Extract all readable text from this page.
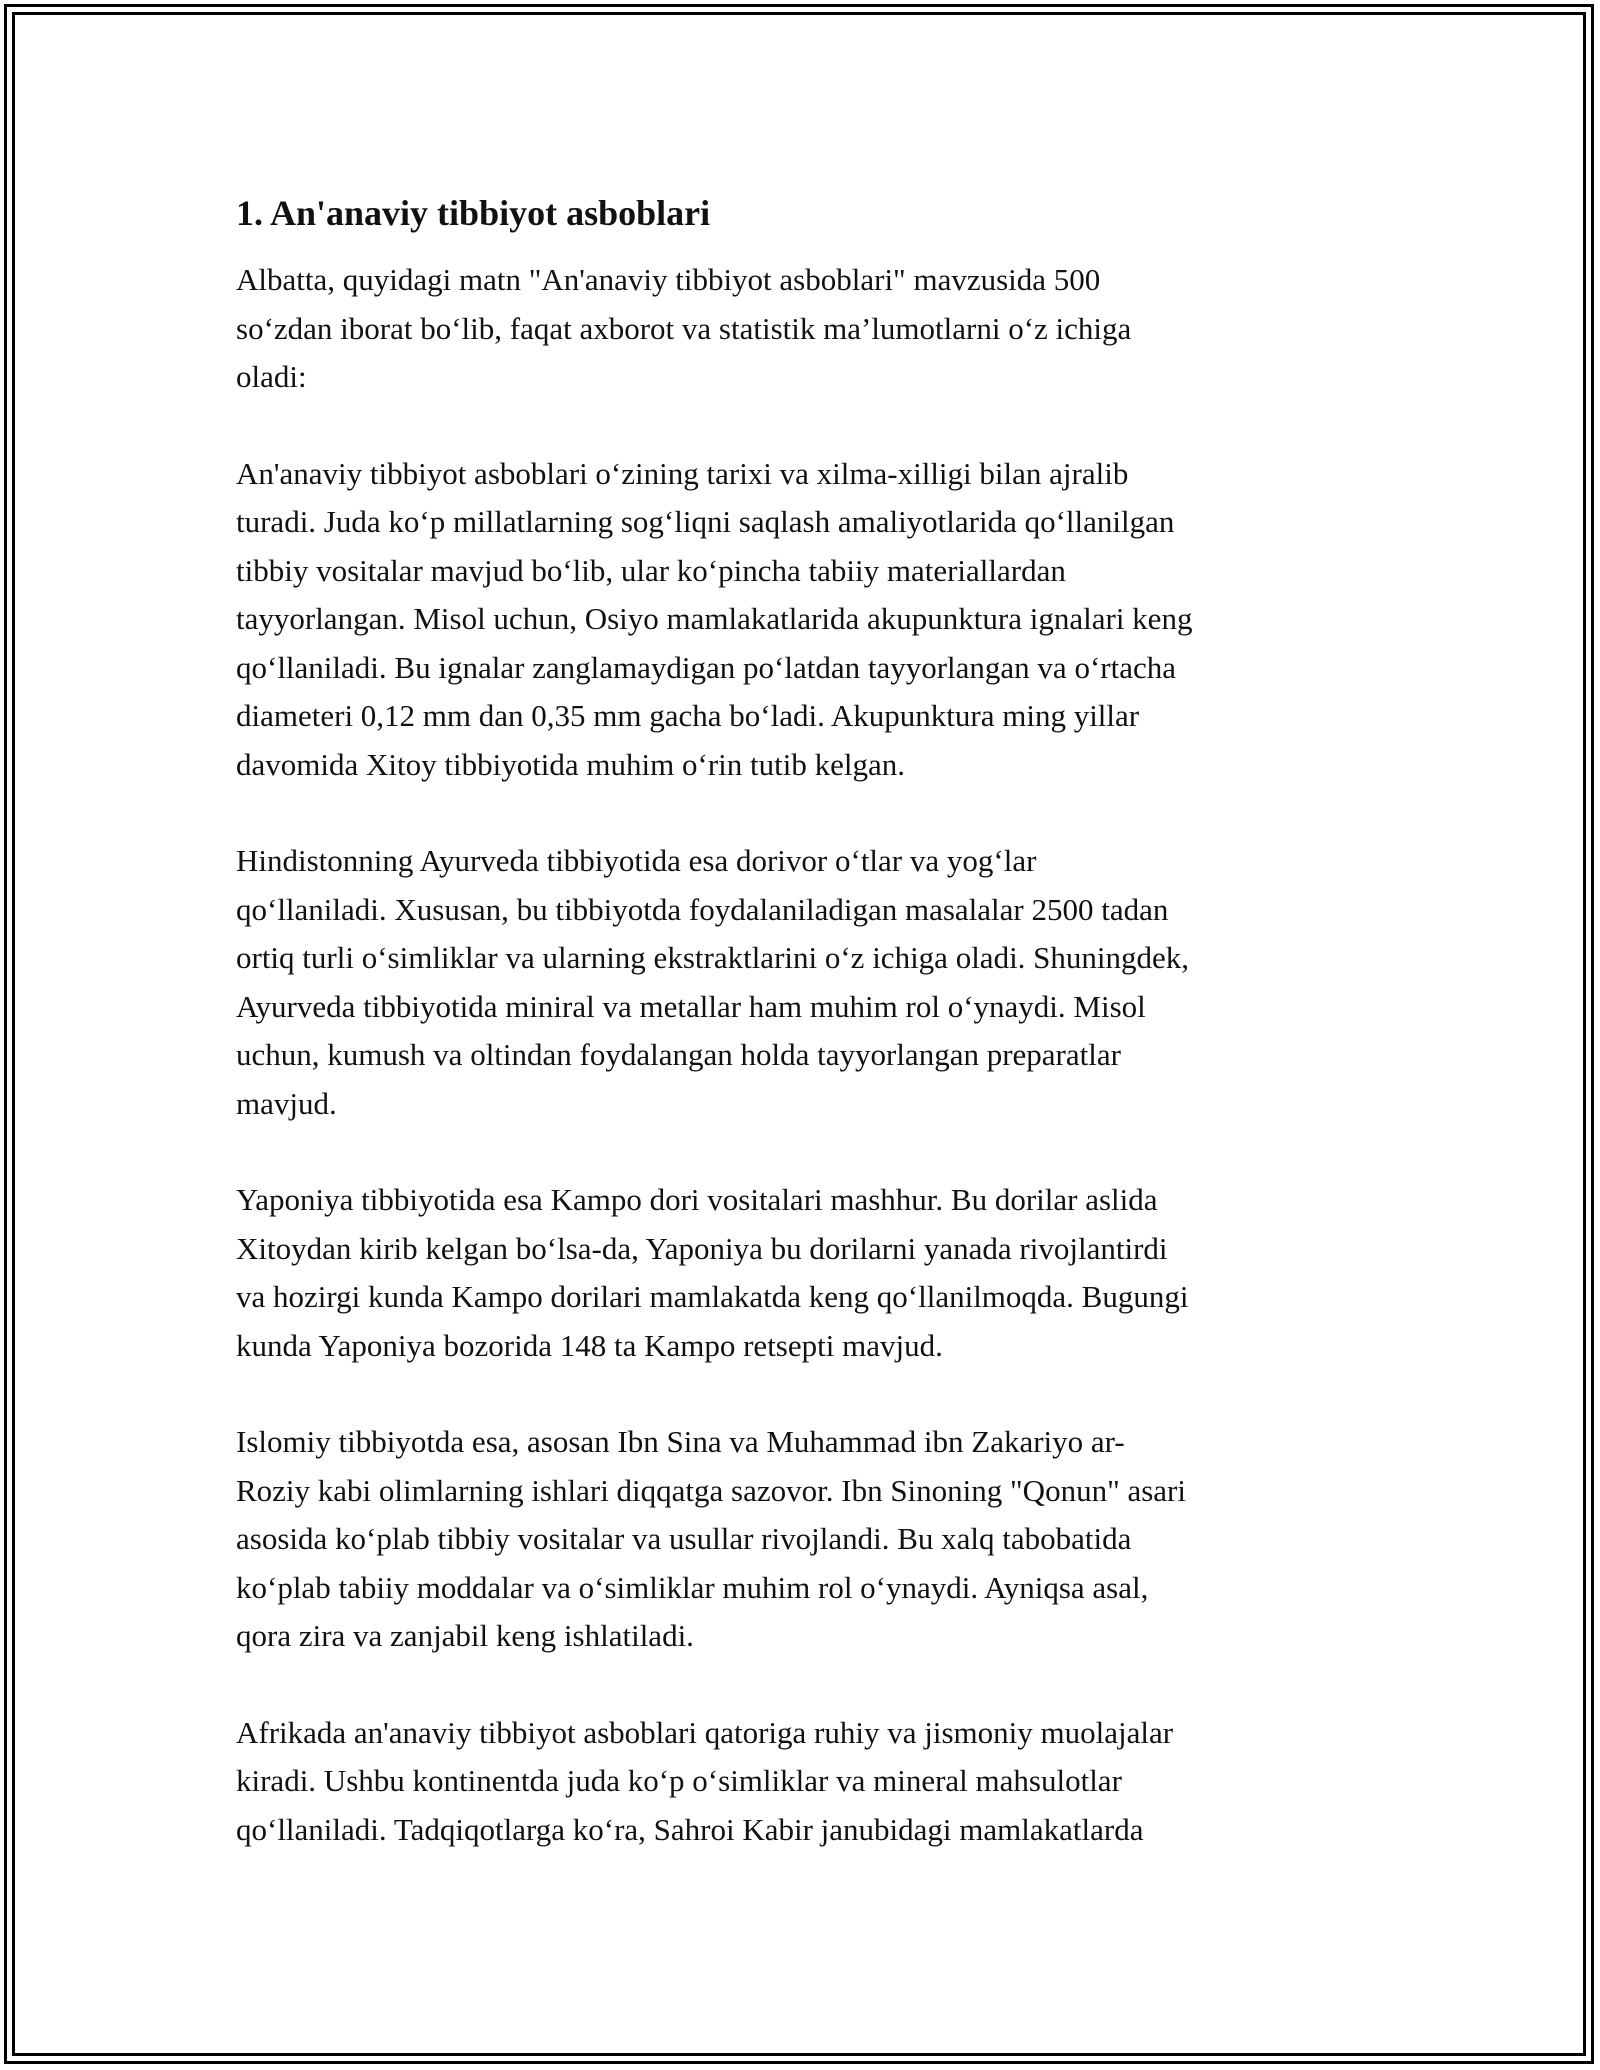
1. An'anaviy tibbiyot asboblari

Albatta, quyidagi matn "An'anaviy tibbiyot asboblari" mavzusida 500
so‘zdan iborat bo‘lib, faqat axborot va statistik ma’lumotlarni o‘z ichiga
oladi:

An'anaviy tibbiyot asboblari o‘zining tarixi va xilma-xilligi bilan ajralib
turadi. Juda ko‘p millatlarning sog‘liqni saqlash amaliyotlarida qo‘llanilgan
tibbiy vositalar mavjud bo‘lib, ular ko‘pincha tabiiy materiallardan
tayyorlangan. Misol uchun, Osiyo mamlakatlarida akupunktura ignalari keng
qo‘llaniladi. Bu ignalar zanglamaydigan po‘latdan tayyorlangan va o‘rtacha
diameteri 0,12 mm dan 0,35 mm gacha bo‘ladi. Akupunktura ming yillar
davomida Xitoy tibbiyotida muhim o‘rin tutib kelgan.

Hindistonning Ayurveda tibbiyotida esa dorivor o‘tlar va yog‘lar
qo‘llaniladi. Xususan, bu tibbiyotda foydalaniladigan masalalar 2500 tadan
ortiq turli o‘simliklar va ularning ekstraktlarini o‘z ichiga oladi. Shuningdek,
Ayurveda tibbiyotida miniral va metallar ham muhim rol o‘ynaydi. Misol
uchun, kumush va oltindan foydalangan holda tayyorlangan preparatlar
mavjud.

Yaponiya tibbiyotida esa Kampo dori vositalari mashhur. Bu dorilar aslida
Xitoydan kirib kelgan bo‘lsa-da, Yaponiya bu dorilarni yanada rivojlantirdi
va hozirgi kunda Kampo dorilari mamlakatda keng qo‘llanilmoqda. Bugungi
kunda Yaponiya bozorida 148 ta Kampo retsepti mavjud.

Islomiy tibbiyotda esa, asosan Ibn Sina va Muhammad ibn Zakariyo ar-
Roziy kabi olimlarning ishlari diqqatga sazovor. Ibn Sinoning "Qonun" asari
asosida ko‘plab tibbiy vositalar va usullar rivojlandi. Bu xalq tabobatida
ko‘plab tabiiy moddalar va o‘simliklar muhim rol o‘ynaydi. Ayniqsa asal,
qora zira va zanjabil keng ishlatiladi.

Afrikada an'anaviy tibbiyot asboblari qatoriga ruhiy va jismoniy muolajalar
kiradi. Ushbu kontinentda juda ko‘p o‘simliklar va mineral mahsulotlar
qo‘llaniladi. Tadqiqotlarga ko‘ra, Sahroi Kabir janubidagi mamlakatlarda
